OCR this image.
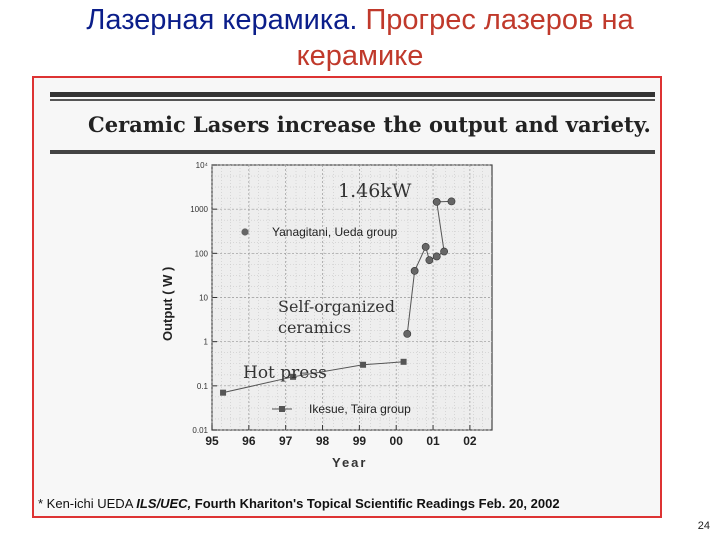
Лазерная керамика. Прогрес лазеров на
керамике
Ceramic Lasers increase the output and variety.
0.01
0.1
1
10
100
1000
10⁴
95 96 97 98 99 00 01 02
Yanagitani, Ueda group
Ikesue, Taira group
Output ( W )
Year
1.46kW
Self-organized
ceramics
Hot press
* Ken-ichi UEDA ILS/UEC, Fourth Khariton's Topical Scientific Readings Feb. 20, 2002
24
